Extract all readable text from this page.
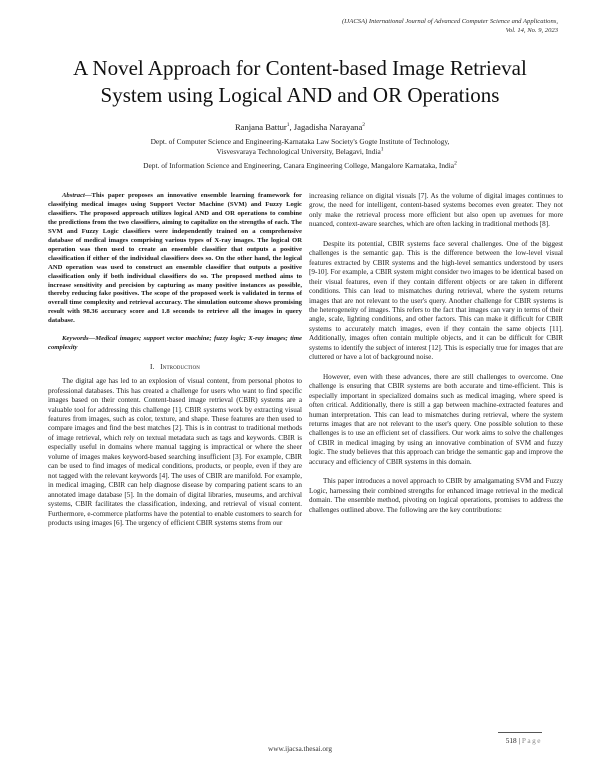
(IJACSA) International Journal of Advanced Computer Science and Applications,
Vol. 14, No. 9, 2023
A Novel Approach for Content-based Image Retrieval
System using Logical AND and OR Operations
Ranjana Battur$^1$, Jagadisha Narayana$^2$
Dept. of Computer Science and Engineering-Karnataka Law Society's Gogte Institute of Technology,
Visvesvaraya Technological University, Belagavi, India$^1$
Dept. of Information Science and Engineering, Canara Engineering College, Mangalore Karnataka, India$^2$

Abstract—This paper proposes an innovative ensemble learning framework for classifying medical images using Support Vector Machine (SVM) and Fuzzy Logic classifiers. The proposed approach utilizes logical AND and OR operations to combine the predictions from the two classifiers, aiming to capitalize on the strengths of each. The SVM and Fuzzy Logic classifiers were independently trained on a comprehensive database of medical images comprising various types of X-ray images. The logical OR operation was then used to create an ensemble classifier that outputs a positive classification if either of the individual classifiers does so. On the other hand, the logical AND operation was used to construct an ensemble classifier that outputs a positive classification only if both individual classifiers do so. The proposed method aims to increase sensitivity and precision by capturing as many positive instances as possible, thereby reducing fake positives. The scope of the proposed work is validated in terms of overall time complexity and retrieval accuracy. The simulation outcome shows promising result with 98.36 accuracy score and 1.8 seconds to retrieve all the images in query database.

Keywords—Medical images; support vector machine; fuzzy logic; X-ray images; time complexity

I. Introduction

The digital age has led to an explosion of visual content, from personal photos to professional databases. This has created a challenge for users who want to find specific images based on their content. Content-based image retrieval (CBIR) systems are a valuable tool for addressing this challenge [1]. CBIR systems work by extracting visual features from images, such as color, texture, and shape. These features are then used to compare images and find the best matches [2]. This is in contrast to traditional methods of image retrieval, which rely on textual metadata such as tags and keywords. CBIR is especially useful in domains where manual tagging is impractical or where the sheer volume of images makes keyword-based searching insufficient [3]. For example, CBIR can be used to find images of medical conditions, products, or people, even if they are not tagged with the relevant keywords [4]. The uses of CBIR are manifold. For example, in medical imaging, CBIR can help diagnose disease by comparing patient scans to an annotated image database [5]. In the domain of digital libraries, museums, and archival systems, CBIR facilitates the classification, indexing, and retrieval of visual content. Furthermore, e-commerce platforms have the potential to enable customers to search for products using images [6]. The urgency of efficient CBIR systems stems from our

increasing reliance on digital visuals [7]. As the volume of digital images continues to grow, the need for intelligent, content-based systems becomes even greater. They not only make the retrieval process more efficient but also open up avenues for more nuanced, context-aware searches, which are often lacking in traditional methods [8].

Despite its potential, CBIR systems face several challenges. One of the biggest challenges is the semantic gap. This is the difference between the low-level visual features extracted by CBIR systems and the high-level semantics understood by users [9-10]. For example, a CBIR system might consider two images to be identical based on their visual features, even if they contain different objects or are taken in different conditions. This can lead to mismatches during retrieval, where the system returns images that are not relevant to the user's query. Another challenge for CBIR systems is the heterogeneity of images. This refers to the fact that images can vary in terms of their angle, scale, lighting conditions, and other factors. This can make it difficult for CBIR systems to accurately match images, even if they contain the same objects [11]. Additionally, images often contain multiple objects, and it can be difficult for CBIR systems to identify the subject of interest [12]. This is especially true for images that are cluttered or have a lot of background noise.

However, even with these advances, there are still challenges to overcome. One challenge is ensuring that CBIR systems are both accurate and time-efficient. This is especially important in specialized domains such as medical imaging, where speed is often critical. Additionally, there is still a gap between machine-extracted features and human interpretation. This can lead to mismatches during retrieval, where the system returns images that are not relevant to the user's query. One possible solution to these challenges is to use an efficient set of classifiers. Our work aims to solve the challenges of CBIR in medical imaging by using an innovative combination of SVM and fuzzy logic. The study believes that this approach can bridge the semantic gap and improve the accuracy and efficiency of CBIR systems in this domain.

This paper introduces a novel approach to CBIR by amalgamating SVM and Fuzzy Logic, harnessing their combined strengths for enhanced image retrieval in the medical domain. The ensemble method, pivoting on logical operations, promises to address the challenges outlined above. The following are the key contributions:

518 | Page
www.ijacsa.thesai.org
